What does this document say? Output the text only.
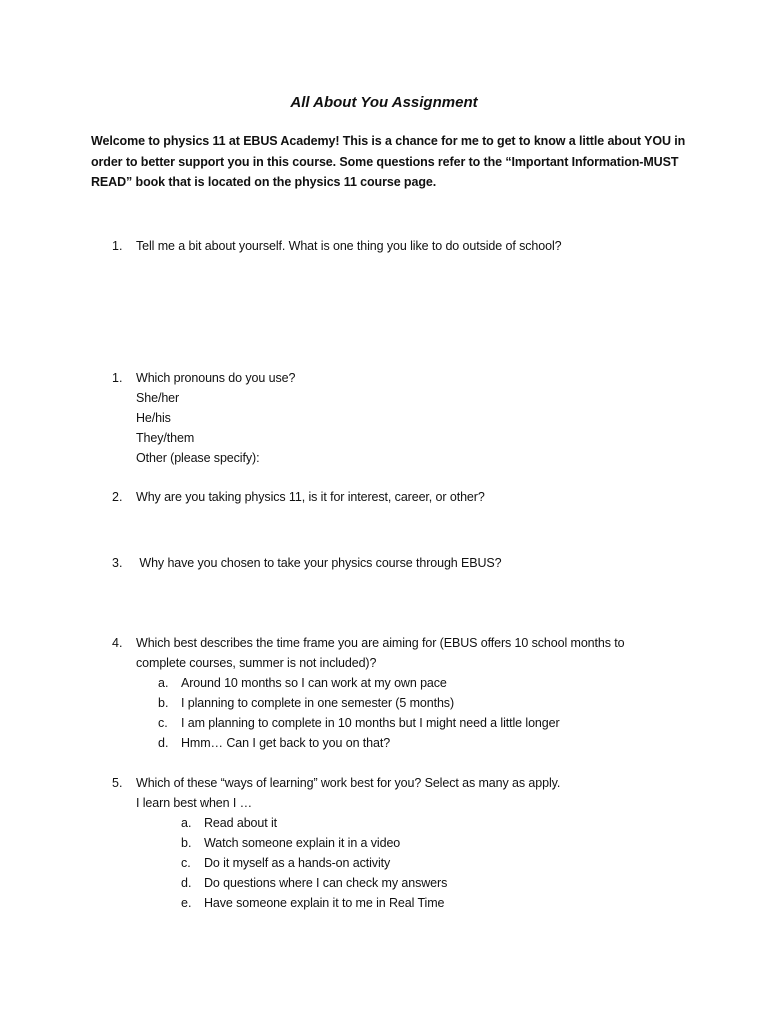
All About You Assignment
Welcome to physics 11 at EBUS Academy! This is a chance for me to get to know a little about YOU in order to better support you in this course. Some questions refer to the “Important Information-MUST READ” book that is located on the physics 11 course page.
1. Tell me a bit about yourself. What is one thing you like to do outside of school?
1. Which pronouns do you use?
She/her
He/his
They/them
Other (please specify):
2. Why are you taking physics 11, is it for interest, career, or other?
3. Why have you chosen to take your physics course through EBUS?
4. Which best describes the time frame you are aiming for (EBUS offers 10 school months to
complete courses, summer is not included)?
a. Around 10 months so I can work at my own pace
b. I planning to complete in one semester (5 months)
c. I am planning to complete in 10 months but I might need a little longer
d. Hmm… Can I get back to you on that?
5. Which of these “ways of learning” work best for you? Select as many as apply.
I learn best when I …
a. Read about it
b. Watch someone explain it in a video
c. Do it myself as a hands-on activity
d. Do questions where I can check my answers
e. Have someone explain it to me in Real Time
